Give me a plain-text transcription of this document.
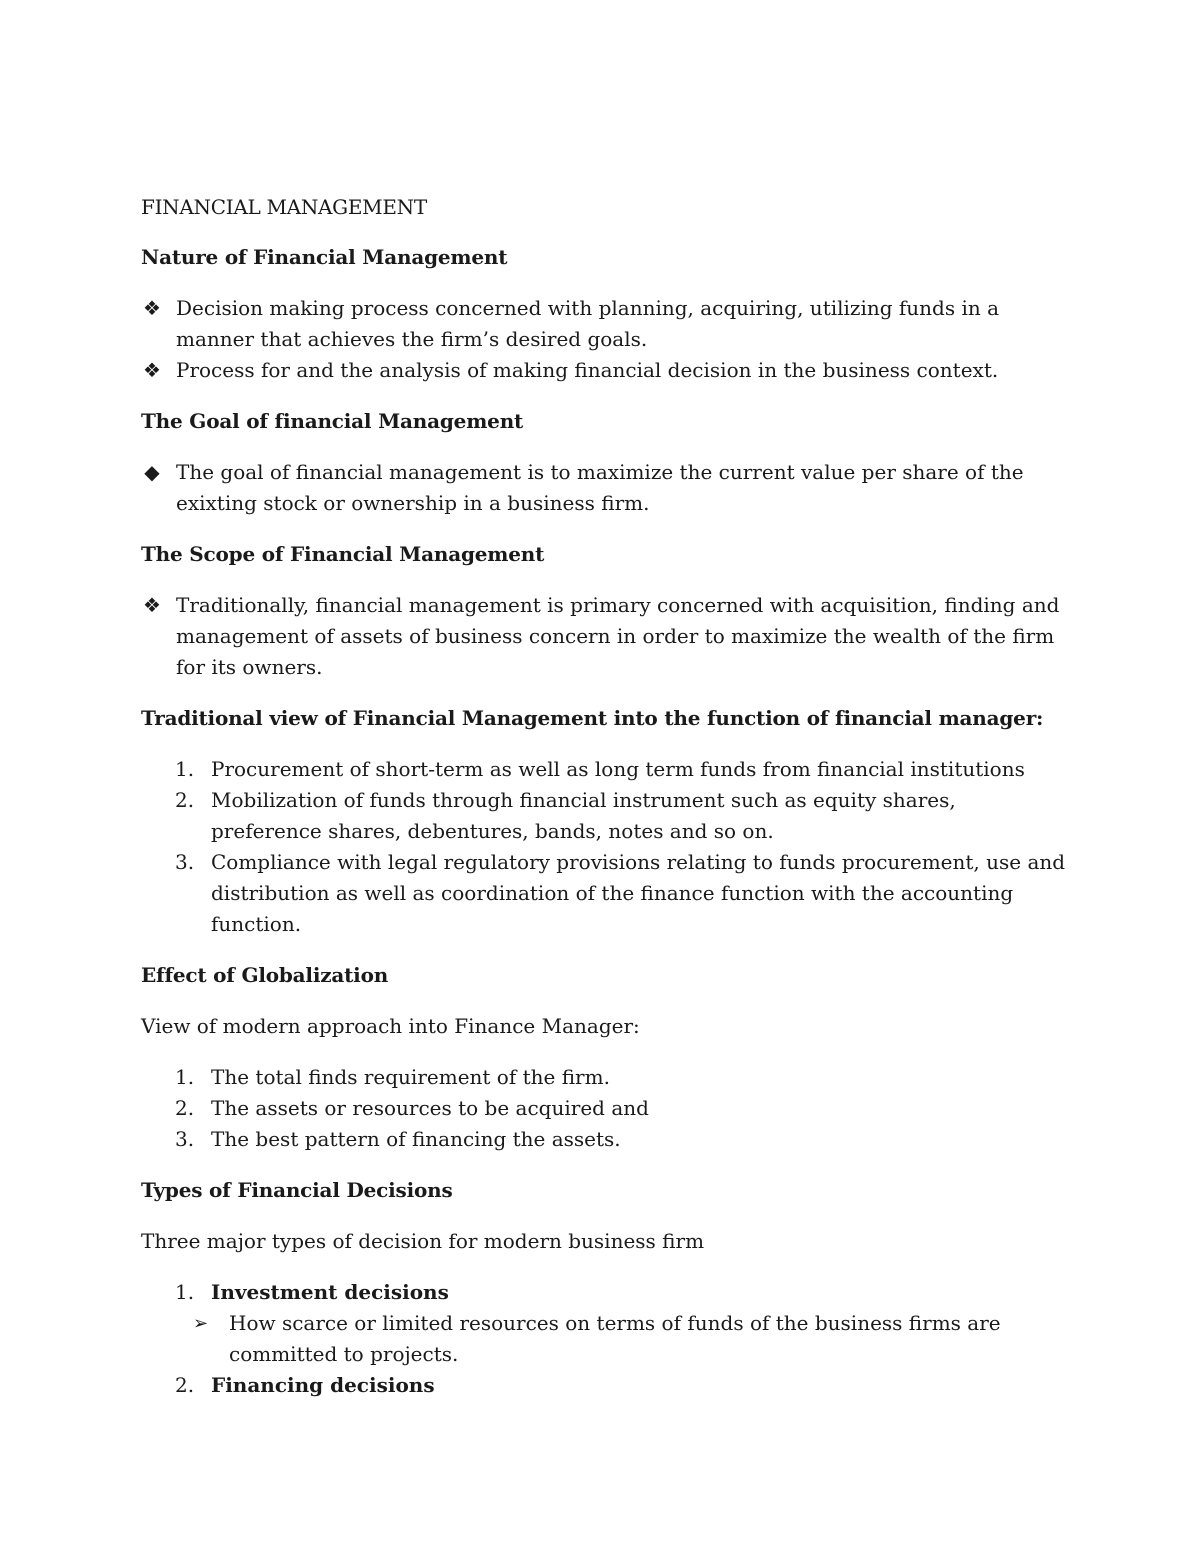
FINANCIAL MANAGEMENT

Nature of Financial Management

❖ Decision making process concerned with planning, acquiring, utilizing funds in a manner that achieves the firm’s desired goals.
❖ Process for and the analysis of making financial decision in the business context.

The Goal of financial Management

◆ The goal of financial management is to maximize the current value per share of the exixting stock or ownership in a business firm.

The Scope of Financial Management

❖ Traditionally, financial management is primary concerned with acquisition, finding and management of assets of business concern in order to maximize the wealth of the firm for its owners.

Traditional view of Financial Management into the function of financial manager:

1. Procurement of short-term as well as long term funds from financial institutions
2. Mobilization of funds through financial instrument such as equity shares, preference shares, debentures, bands, notes and so on.
3. Compliance with legal regulatory provisions relating to funds procurement, use and distribution as well as coordination of the finance function with the accounting function.

Effect of Globalization

View of modern approach into Finance Manager:

1. The total finds requirement of the firm.
2. The assets or resources to be acquired and
3. The best pattern of financing the assets.

Types of Financial Decisions

Three major types of decision for modern business firm

1. Investment decisions
➢ How scarce or limited resources on terms of funds of the business firms are committed to projects.
2. Financing decisions
